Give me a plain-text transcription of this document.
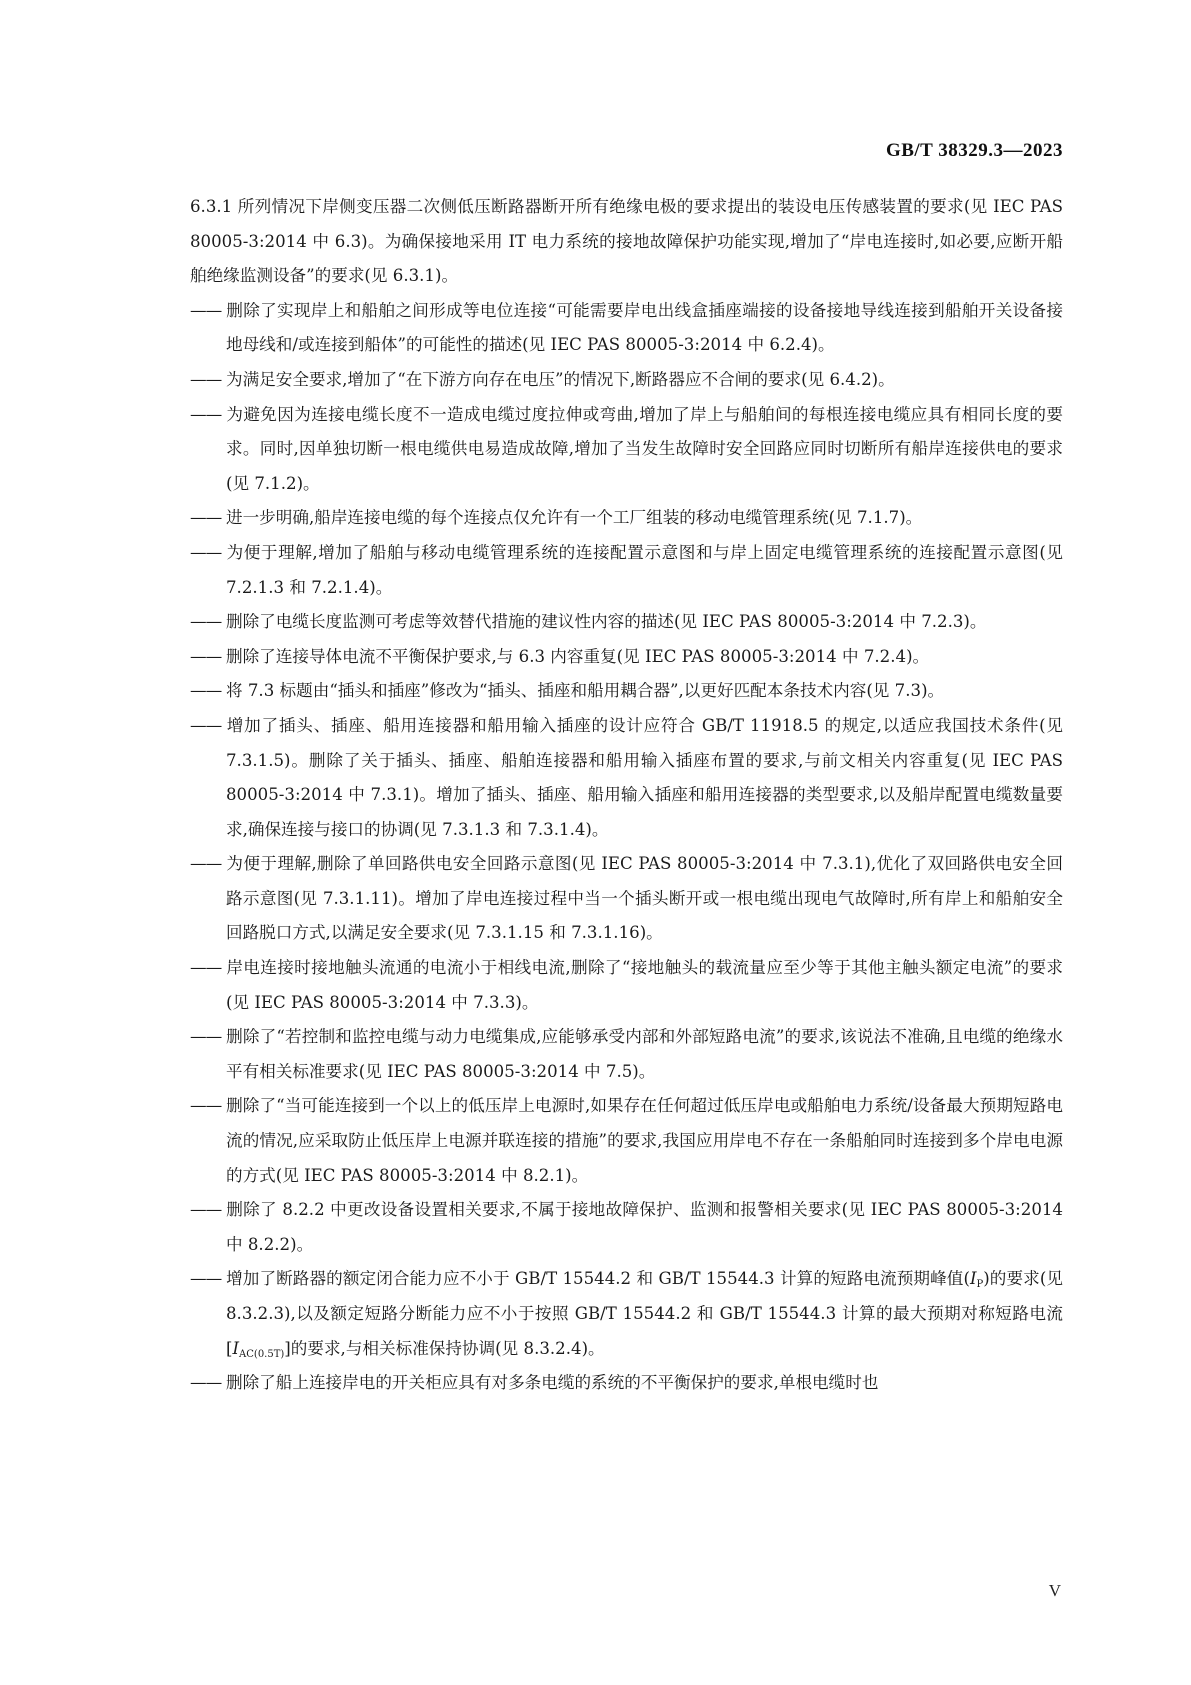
GB/T 38329.3—2023

6.3.1 所列情况下岸侧变压器二次侧低压断路器断开所有绝缘电极的要求提出的装设电压传感装置的要求(见 IEC PAS 80005-3:2014 中 6.3)。为确保接地采用 IT 电力系统的接地故障保护功能实现,增加了“岸电连接时,如必要,应断开船舶绝缘监测设备”的要求(见 6.3.1)。

—— 删除了实现岸上和船舶之间形成等电位连接“可能需要岸电出线盒插座端接的设备接地导线连接到船舶开关设备接地母线和/或连接到船体”的可能性的描述(见 IEC PAS 80005-3:2014 中 6.2.4)。

—— 为满足安全要求,增加了“在下游方向存在电压”的情况下,断路器应不合闸的要求(见 6.4.2)。

—— 为避免因为连接电缆长度不一造成电缆过度拉伸或弯曲,增加了岸上与船舶间的每根连接电缆应具有相同长度的要求。同时,因单独切断一根电缆供电易造成故障,增加了当发生故障时安全回路应同时切断所有船岸连接供电的要求(见 7.1.2)。

—— 进一步明确,船岸连接电缆的每个连接点仅允许有一个工厂组装的移动电缆管理系统(见 7.1.7)。

—— 为便于理解,增加了船舶与移动电缆管理系统的连接配置示意图和与岸上固定电缆管理系统的连接配置示意图(见 7.2.1.3 和 7.2.1.4)。

—— 删除了电缆长度监测可考虑等效替代措施的建议性内容的描述(见 IEC PAS 80005-3:2014 中 7.2.3)。

—— 删除了连接导体电流不平衡保护要求,与 6.3 内容重复(见 IEC PAS 80005-3:2014 中 7.2.4)。

—— 将 7.3 标题由“插头和插座”修改为“插头、插座和船用耦合器”,以更好匹配本条技术内容(见 7.3)。

—— 增加了插头、插座、船用连接器和船用输入插座的设计应符合 GB/T 11918.5 的规定,以适应我国技术条件(见 7.3.1.5)。删除了关于插头、插座、船舶连接器和船用输入插座布置的要求,与前文相关内容重复(见 IEC PAS 80005-3:2014 中 7.3.1)。增加了插头、插座、船用输入插座和船用连接器的类型要求,以及船岸配置电缆数量要求,确保连接与接口的协调(见 7.3.1.3 和 7.3.1.4)。

—— 为便于理解,删除了单回路供电安全回路示意图(见 IEC PAS 80005-3:2014 中 7.3.1),优化了双回路供电安全回路示意图(见 7.3.1.11)。增加了岸电连接过程中当一个插头断开或一根电缆出现电气故障时,所有岸上和船舶安全回路脱口方式,以满足安全要求(见 7.3.1.15 和 7.3.1.16)。

—— 岸电连接时接地触头流通的电流小于相线电流,删除了“接地触头的载流量应至少等于其他主触头额定电流”的要求(见 IEC PAS 80005-3:2014 中 7.3.3)。

—— 删除了“若控制和监控电缆与动力电缆集成,应能够承受内部和外部短路电流”的要求,该说法不准确,且电缆的绝缘水平有相关标准要求(见 IEC PAS 80005-3:2014 中 7.5)。

—— 删除了“当可能连接到一个以上的低压岸上电源时,如果存在任何超过低压岸电或船舶电力系统/设备最大预期短路电流的情况,应采取防止低压岸上电源并联连接的措施”的要求,我国应用岸电不存在一条船舶同时连接到多个岸电电源的方式(见 IEC PAS 80005-3:2014 中 8.2.1)。

—— 删除了 8.2.2 中更改设备设置相关要求,不属于接地故障保护、监测和报警相关要求(见 IEC PAS 80005-3:2014 中 8.2.2)。

—— 增加了断路器的额定闭合能力应不小于 GB/T 15544.2 和 GB/T 15544.3 计算的短路电流预期峰值$(I_P)$的要求(见 8.3.2.3),以及额定短路分断能力应不小于按照 GB/T 15544.2 和 GB/T 15544.3 计算的最大预期对称短路电流$[I_{AC(0.5T)}]$的要求,与相关标准保持协调(见 8.3.2.4)。

—— 删除了船上连接岸电的开关柜应具有对多条电缆的系统的不平衡保护的要求,单根电缆时也

V
